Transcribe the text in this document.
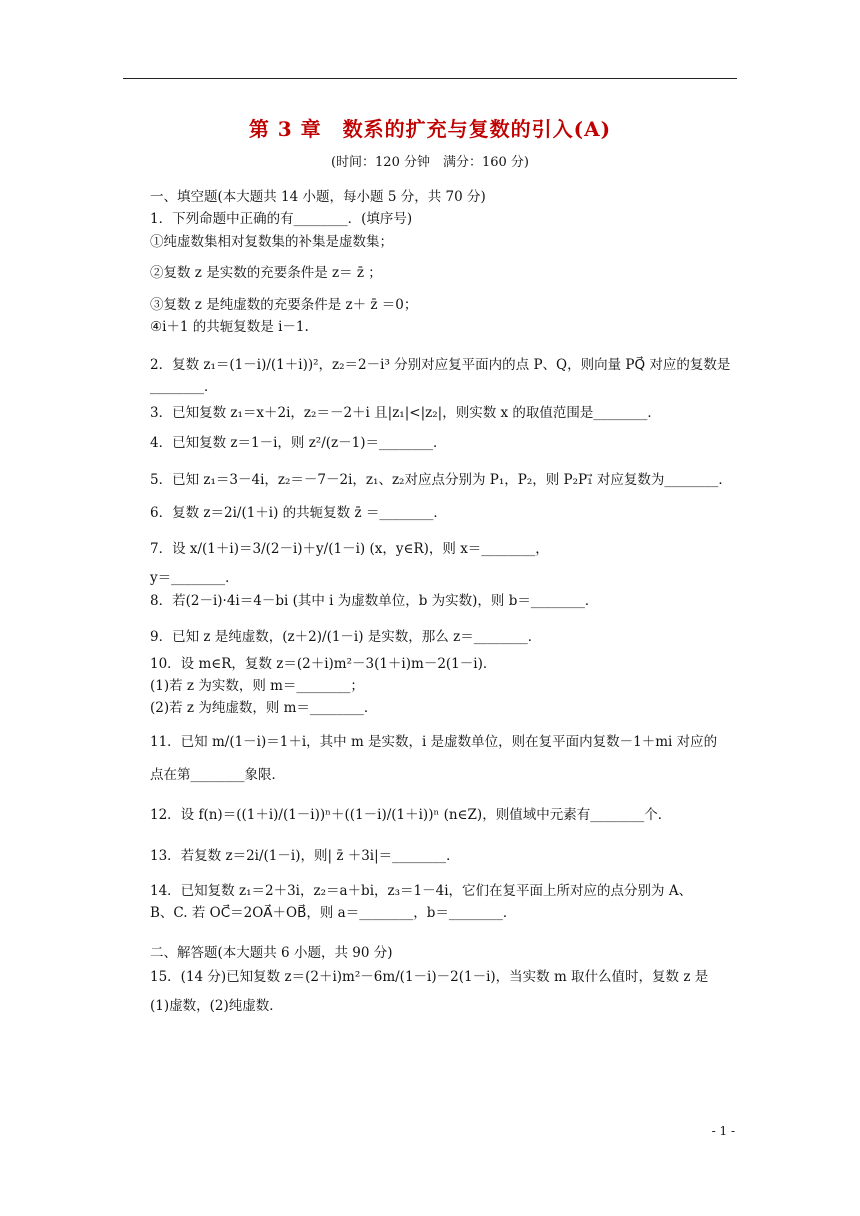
第 3 章　数系的扩充与复数的引入(A)
(时间：120 分钟　满分：160 分)
一、填空题(本大题共 14 小题，每小题 5 分，共 70 分)
1．下列命题中正确的有________．(填序号)
①纯虚数集相对复数集的补集是虚数集；
②复数 z 是实数的充要条件是 z＝ z̄ ；
③复数 z 是纯虚数的充要条件是 z＋ z̄ ＝0；
④i＋1 的共轭复数是 i－1.
2．复数 z₁＝(1－i)/(1＋i))²，z₂＝2－i³ 分别对应复平面内的点 P、Q，则向量 PQ⃗ 对应的复数是
________．
3．已知复数 z₁＝x＋2i，z₂＝－2＋i 且|z₁|<|z₂|，则实数 x 的取值范围是________．
4．已知复数 z＝1－i，则 z²/(z－1)＝________．
5．已知 z₁＝3－4i，z₂＝－7－2i，z₁、z₂对应点分别为 P₁，P₂，则 P₂P₁⃗ 对应复数为________．
6．复数 z＝2i/(1＋i) 的共轭复数 z̄ ＝________．
7．设 x/(1＋i)＝3/(2－i)＋y/(1－i) (x，y∈R)，则 x＝________，
y＝________．
8．若(2－i)·4i＝4－bi (其中 i 为虚数单位，b 为实数)，则 b＝________．
9．已知 z 是纯虚数，(z＋2)/(1－i) 是实数，那么 z＝________．
10．设 m∈R，复数 z＝(2＋i)m²－3(1＋i)m－2(1－i)．
(1)若 z 为实数，则 m＝________；
(2)若 z 为纯虚数，则 m＝________．
11．已知 m/(1－i)＝1＋i，其中 m 是实数，i 是虚数单位，则在复平面内复数－1＋mi 对应的
点在第________象限．
12．设 f(n)＝((1＋i)/(1－i))ⁿ＋((1－i)/(1＋i))ⁿ (n∈Z)，则值域中元素有________个．
13．若复数 z＝2i/(1－i)，则| z̄ ＋3i|＝________．
14．已知复数 z₁＝2＋3i，z₂＝a＋bi，z₃＝1－4i，它们在复平面上所对应的点分别为 A、
B、C. 若 OC⃗＝2OA⃗＋OB⃗，则 a＝________，b＝________．
二、解答题(本大题共 6 小题，共 90 分)
15．(14 分)已知复数 z＝(2＋i)m²－6m/(1－i)－2(1－i)，当实数 m 取什么值时，复数 z 是
(1)虚数，(2)纯虚数．
- 1 -
